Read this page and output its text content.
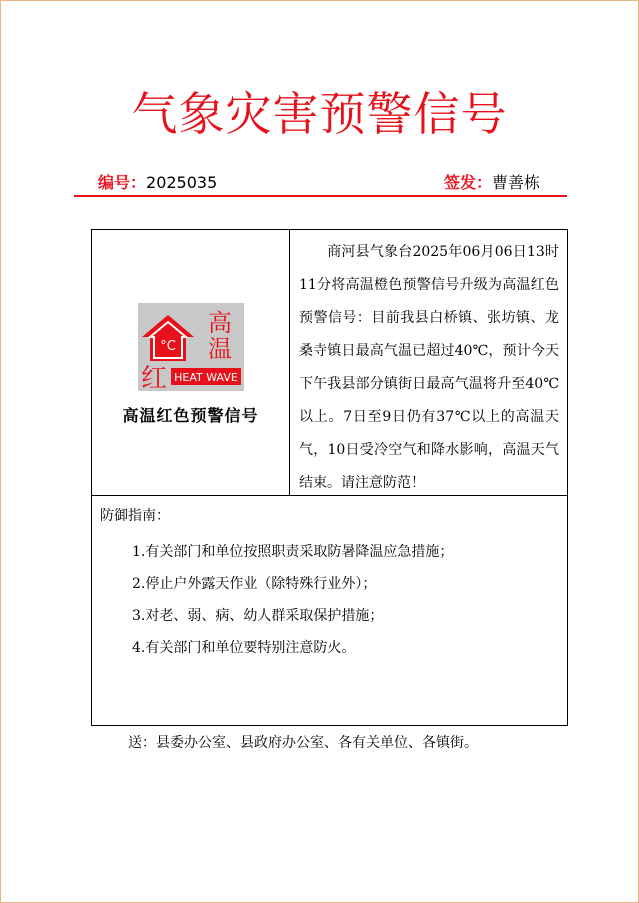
气象灾害预警信号
编号：2025035	签发：曹善栋
°C
高
温
红 HEAT WAVE
高温红色预警信号
商河县气象台2025年06月06日13时11分将高温橙色预警信号升级为高温红色预警信号：目前我县白桥镇、张坊镇、龙桑寺镇日最高气温已超过40℃，预计今天下午我县部分镇街日最高气温将升至40℃以上。7日至9日仍有37℃以上的高温天气，10日受冷空气和降水影响，高温天气结束。请注意防范！
防御指南：
1.有关部门和单位按照职责采取防暑降温应急措施；
2.停止户外露天作业（除特殊行业外）；
3.对老、弱、病、幼人群采取保护措施；
4.有关部门和单位要特别注意防火。
送：县委办公室、县政府办公室、各有关单位、各镇街。
